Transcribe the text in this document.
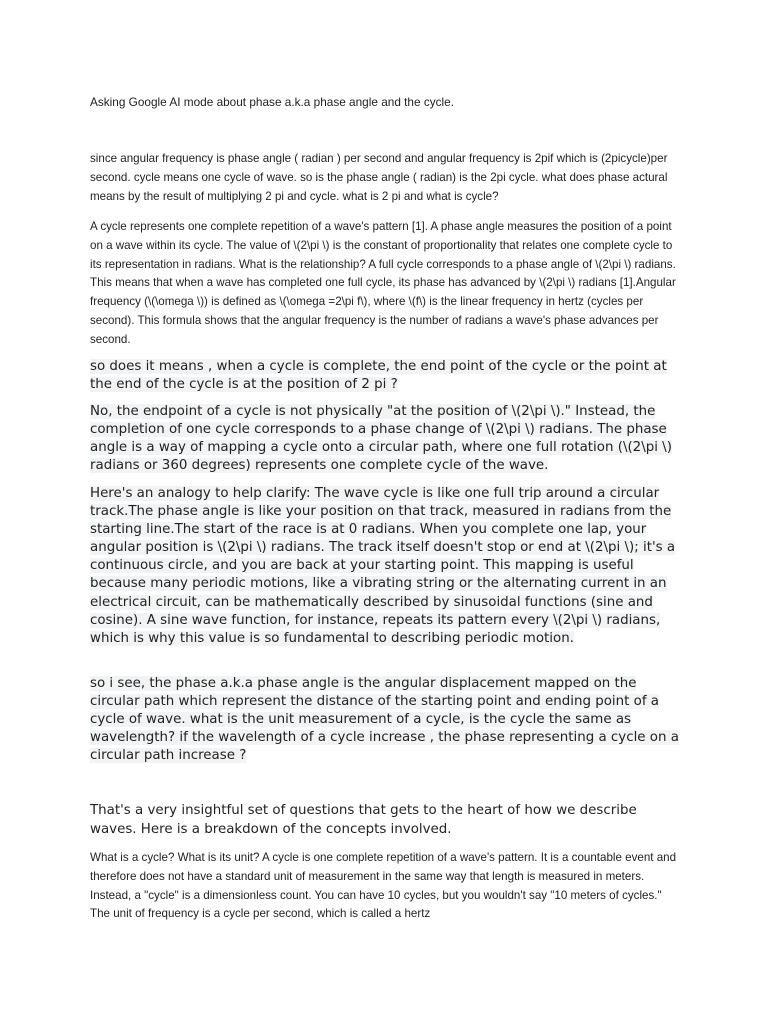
Asking Google AI mode about phase a.k.a phase angle and the cycle.

since angular frequency is phase angle ( radian ) per second and angular frequency is 2pif which is (2picycle)per second. cycle means one cycle of wave. so is the phase angle ( radian) is the 2pi cycle. what does phase actural means by the result of multiplying 2 pi and cycle. what is 2 pi and what is cycle?

A cycle represents one complete repetition of a wave's pattern [1]. A phase angle measures the position of a point on a wave within its cycle. The value of \(2\pi \) is the constant of proportionality that relates one complete cycle to its representation in radians. What is the relationship? A full cycle corresponds to a phase angle of \(2\pi \) radians. This means that when a wave has completed one full cycle, its phase has advanced by \(2\pi \) radians [1].Angular frequency (\(\omega \)) is defined as \(\omega =2\pi f\), where \(f\) is the linear frequency in hertz (cycles per second). This formula shows that the angular frequency is the number of radians a wave's phase advances per second.

so does it means , when a cycle is complete, the end point of the cycle or the point at the end of the cycle is at the position of 2 pi ?

No, the endpoint of a cycle is not physically "at the position of \(2\pi \)." Instead, the completion of one cycle corresponds to a phase change of \(2\pi \) radians. The phase angle is a way of mapping a cycle onto a circular path, where one full rotation (\(2\pi \) radians or 360 degrees) represents one complete cycle of the wave.

Here's an analogy to help clarify: The wave cycle is like one full trip around a circular track.The phase angle is like your position on that track, measured in radians from the starting line.The start of the race is at 0 radians. When you complete one lap, your angular position is \(2\pi \) radians. The track itself doesn't stop or end at \(2\pi \); it's a continuous circle, and you are back at your starting point. This mapping is useful because many periodic motions, like a vibrating string or the alternating current in an electrical circuit, can be mathematically described by sinusoidal functions (sine and cosine). A sine wave function, for instance, repeats its pattern every \(2\pi \) radians, which is why this value is so fundamental to describing periodic motion.

so i see, the phase a.k.a phase angle is the angular displacement mapped on the circular path which represent the distance of the starting point and ending point of a cycle of wave. what is the unit measurement of a cycle, is the cycle the same as wavelength? if the wavelength of a cycle increase , the phase representing a cycle on a circular path increase ?

That's a very insightful set of questions that gets to the heart of how we describe waves. Here is a breakdown of the concepts involved.

What is a cycle? What is its unit? A cycle is one complete repetition of a wave's pattern. It is a countable event and therefore does not have a standard unit of measurement in the same way that length is measured in meters. Instead, a "cycle" is a dimensionless count. You can have 10 cycles, but you wouldn't say "10 meters of cycles." The unit of frequency is a cycle per second, which is called a hertz
